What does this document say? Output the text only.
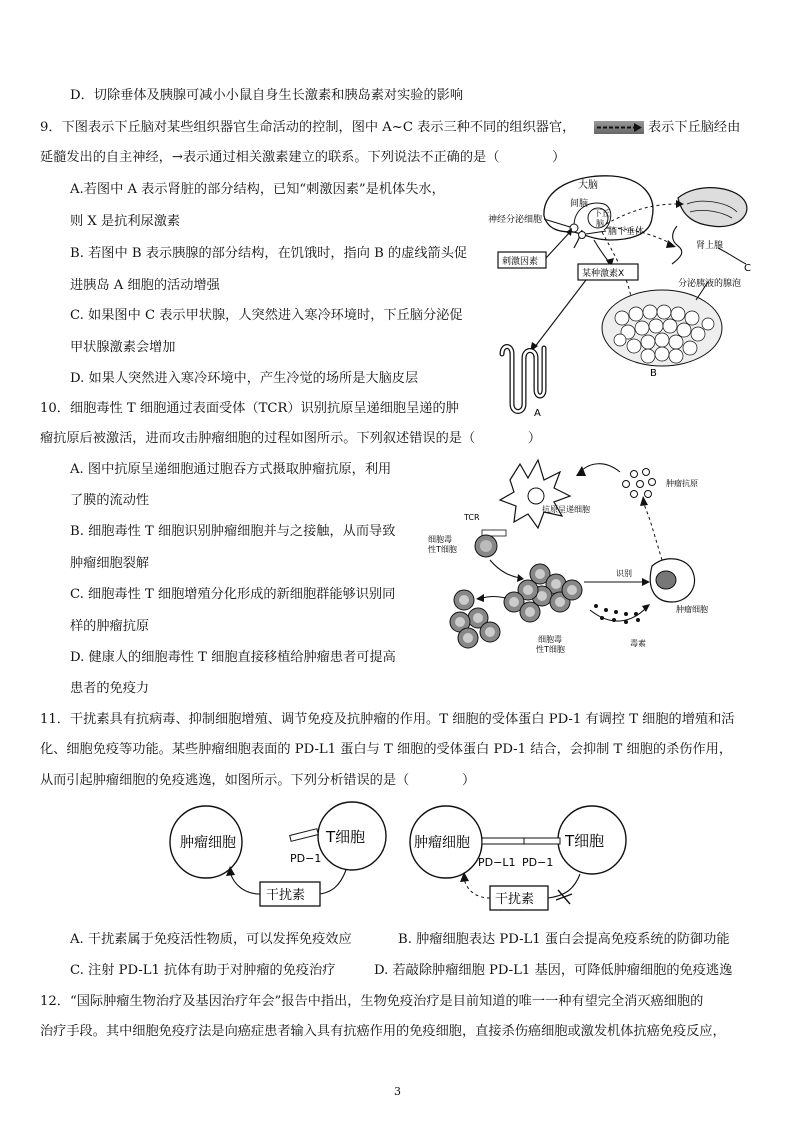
D．切除垂体及胰腺可减小小鼠自身生长激素和胰岛素对实验的影响
9．下图表示下丘脑对某些组织器官生命活动的控制，图中 A~C 表示三种不同的组织器官，	表示下丘脑经由
延髓发出的自主神经，→表示通过相关激素建立的联系。下列说法不正确的是（　　　　）
A.若图中 A 表示肾脏的部分结构，已知“刺激因素”是机体失水，
则 X 是抗利尿激素
B. 若图中 B 表示胰腺的部分结构，在饥饿时，指向 B 的虚线箭头促
进胰岛 A 细胞的活动增强
C. 如果图中 C 表示甲状腺，人突然进入寒冷环境时，下丘脑分泌促
甲状腺激素会增加
D. 如果人突然进入寒冷环境中，产生冷觉的场所是大脑皮层
10．细胞毒性 T 细胞通过表面受体（TCR）识别抗原呈递细胞呈递的肿
瘤抗原后被激活，进而攻击肿瘤细胞的过程如图所示。下列叙述错误的是（　　　　）
A. 图中抗原呈递细胞通过胞吞方式摄取肿瘤抗原，利用
了膜的流动性
B. 细胞毒性 T 细胞识别肿瘤细胞并与之接触，从而导致
肿瘤细胞裂解
C. 细胞毒性 T 细胞增殖分化形成的新细胞群能够识别同
样的肿瘤抗原
D. 健康人的细胞毒性 T 细胞直接移植给肿瘤患者可提高
患者的免疫力
11．干扰素具有抗病毒、抑制细胞增殖、调节免疫及抗肿瘤的作用。T 细胞的受体蛋白 PD-1 有调控 T 细胞的增殖和活
化、细胞免疫等功能。某些肿瘤细胞表面的 PD-L1 蛋白与 T 细胞的受体蛋白 PD-1 结合，会抑制 T 细胞的杀伤作用，
从而引起肿瘤细胞的免疫逃逸，如图所示。下列分析错误的是（　　　　）
A. 干扰素属于免疫活性物质，可以发挥免疫效应	B. 肿瘤细胞表达 PD-L1 蛋白会提高免疫系统的防御功能
C. 注射 PD-L1 抗体有助于对肿瘤的免疫治疗	D. 若敲除肿瘤细胞 PD-L1 基因，可降低肿瘤细胞的免疫逃逸
12．“国际肿瘤生物治疗及基因治疗年会”报告中指出，生物免疫治疗是目前知道的唯一一种有望完全消灭癌细胞的
治疗手段。其中细胞免疫疗法是向癌症患者输入具有抗癌作用的免疫细胞，直接杀伤癌细胞或激发机体抗癌免疫反应，
3
大脑
间脑
下丘
脑
神经分泌细胞
脑下垂体
肾上腺
C
分泌胰液的腺泡
刺激因素
某种激素X
B
A
抗原呈递细胞
肿瘤抗原
TCR
细胞毒
性T细胞
识别
肿瘤细胞
毒素
细胞毒
性T细胞
肿瘤细胞	T细胞
PD−1
干扰素
肿瘤细胞	T细胞
PD−L1 PD−1
干扰素
